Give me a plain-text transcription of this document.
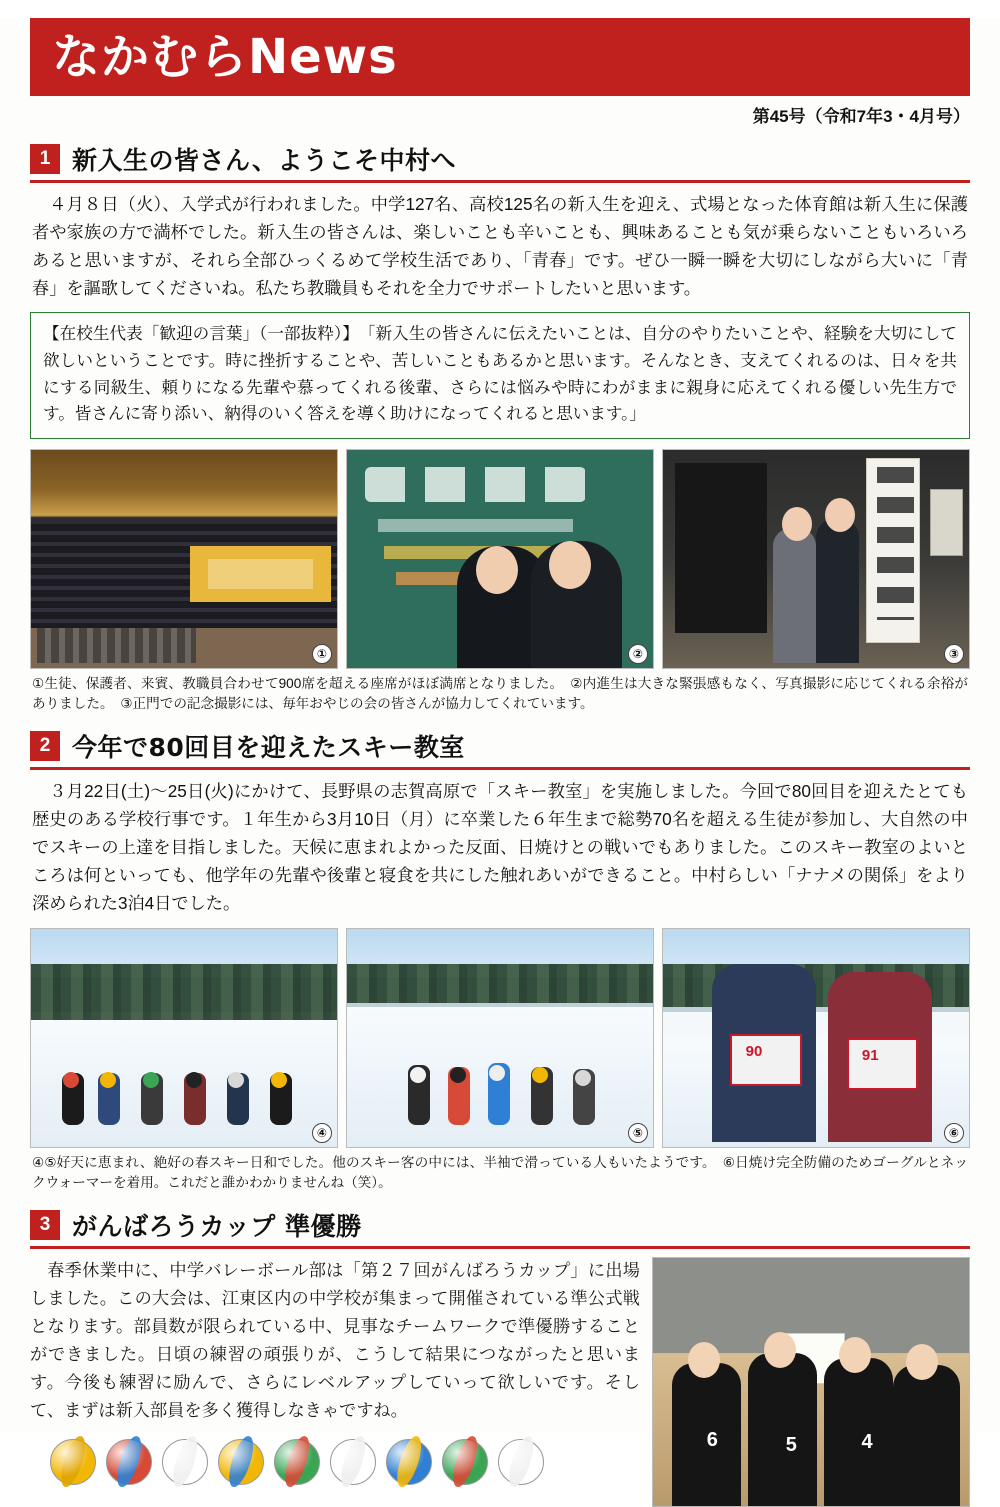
なかむらNews
第45号（令和7年3・4月号）
1 新入生の皆さん、ようこそ中村へ
４月８日（火）、入学式が行われました。中学127名、高校125名の新入生を迎え、式場となった体育館は新入生に保護者や家族の方で満杯でした。新入生の皆さんは、楽しいことも辛いことも、興味あることも気が乗らないこともいろいろあると思いますが、それら全部ひっくるめて学校生活であり、「青春」です。ぜひ一瞬一瞬を大切にしながら大いに「青春」を謳歌してくださいね。私たち教職員もそれを全力でサポートしたいと思います。
【在校生代表「歓迎の言葉」（一部抜粋）】　「新入生の皆さんに伝えたいことは、自分のやりたいことや、経験を大切にして欲しいということです。時に挫折することや、苦しいこともあるかと思います。そんなとき、支えてくれるのは、日々を共にする同級生、頼りになる先輩や慕ってくれる後輩、さらには悩みや時にわがままに親身に応えてくれる優しい先生方です。皆さんに寄り添い、納得のいく答えを導く助けになってくれると思います。」
①	②	③
①生徒、保護者、来賓、教職員合わせて900席を超える座席がほぼ満席となりました。　②内進生は大きな緊張感もなく、写真撮影に応じてくれる余裕がありました。　③正門での記念撮影には、毎年おやじの会の皆さんが協力してくれています。
2 今年で80回目を迎えたスキー教室
３月22日(土)〜25日(火)にかけて、長野県の志賀高原で「スキー教室」を実施しました。今回で80回目を迎えたとても歴史のある学校行事です。１年生から3月10日（月）に卒業した６年生まで総勢70名を超える生徒が参加し、大自然の中でスキーの上達を目指しました。天候に恵まれよかった反面、日焼けとの戦いでもありました。このスキー教室のよいところは何といっても、他学年の先輩や後輩と寝食を共にした触れあいができること。中村らしい「ナナメの関係」をより深められた3泊4日でした。
④	⑤
90	91
⑥
④⑤好天に恵まれ、絶好の春スキー日和でした。他のスキー客の中には、半袖で滑っている人もいたようです。　⑥日焼け完全防備のためゴーグルとネックウォーマーを着用。これだと誰かわかりませんね（笑）。
3 がんばろうカップ 準優勝
春季休業中に、中学バレーボール部は「第２７回がんばろうカップ」に出場しました。この大会は、江東区内の中学校が集まって開催されている準公式戦となります。部員数が限られている中、見事なチームワークで準優勝することができました。日頃の練習の頑張りが、こうして結果につながったと思います。今後も練習に励んで、さらにレベルアップしていって欲しいです。そして、まずは新入部員を多く獲得しなきゃですね。
6	5	4
